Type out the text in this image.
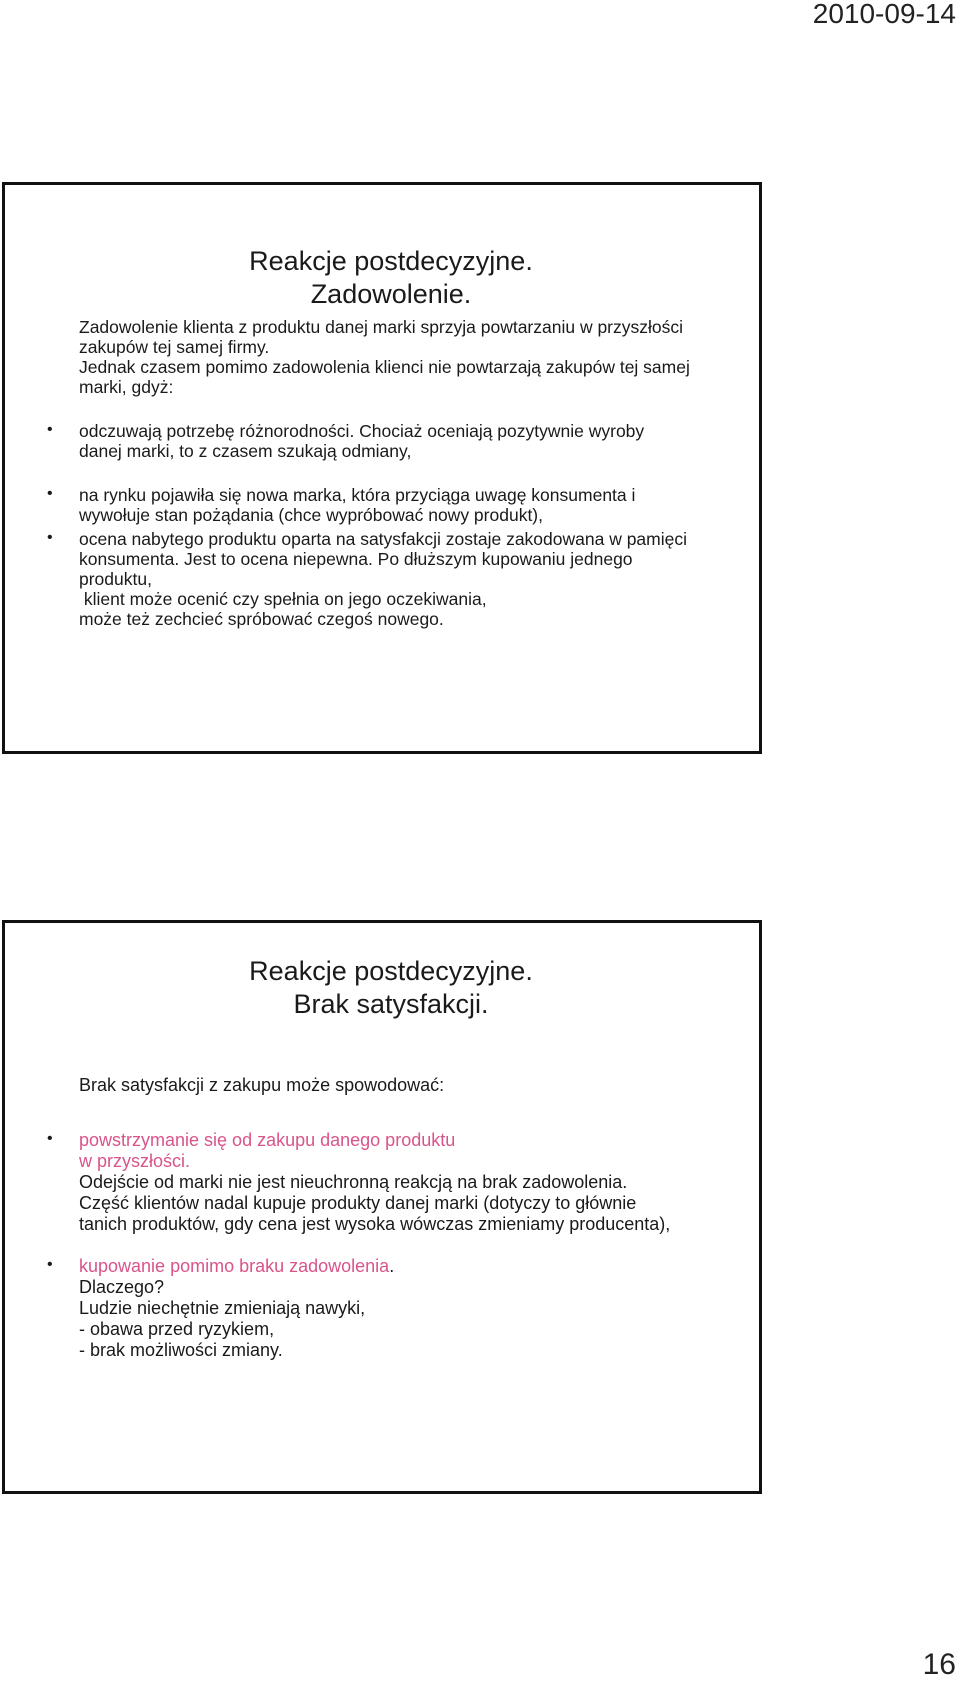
2010-09-14
Reakcje postdecyzyjne.
Zadowolenie.

Zadowolenie klienta z produktu danej marki sprzyja powtarzaniu w przyszłości

zakupów tej samej firmy.

Jednak czasem pomimo zadowolenia klienci nie powtarzają zakupów tej samej

marki, gdyż:

• odczuwają potrzebę różnorodności. Chociaż oceniają pozytywnie wyroby

danej marki, to z czasem szukają odmiany,

• na rynku pojawiła się nowa marka, która przyciąga uwagę konsumenta i

wywołuje stan pożądania (chce wypróbować nowy produkt),

• ocena nabytego produktu oparta na satysfakcji zostaje zakodowana w pamięci

konsumenta. Jest to ocena niepewna. Po dłuższym kupowaniu jednego

produktu,

klient może ocenić czy spełnia on jego oczekiwania,

może też zechcieć spróbować czegoś nowego.

Reakcje postdecyzyjne.
Brak satysfakcji.

Brak satysfakcji z zakupu może spowodować:

• powstrzymanie się od zakupu danego produktu

w przyszłości.

Odejście od marki nie jest nieuchronną reakcją na brak zadowolenia.

Część klientów nadal kupuje produkty danej marki (dotyczy to głównie

tanich produktów, gdy cena jest wysoka wówczas zmieniamy producenta),

• kupowanie pomimo braku zadowolenia.

Dlaczego?

Ludzie niechętnie zmieniają nawyki,

- obawa przed ryzykiem,

- brak możliwości zmiany.

16
